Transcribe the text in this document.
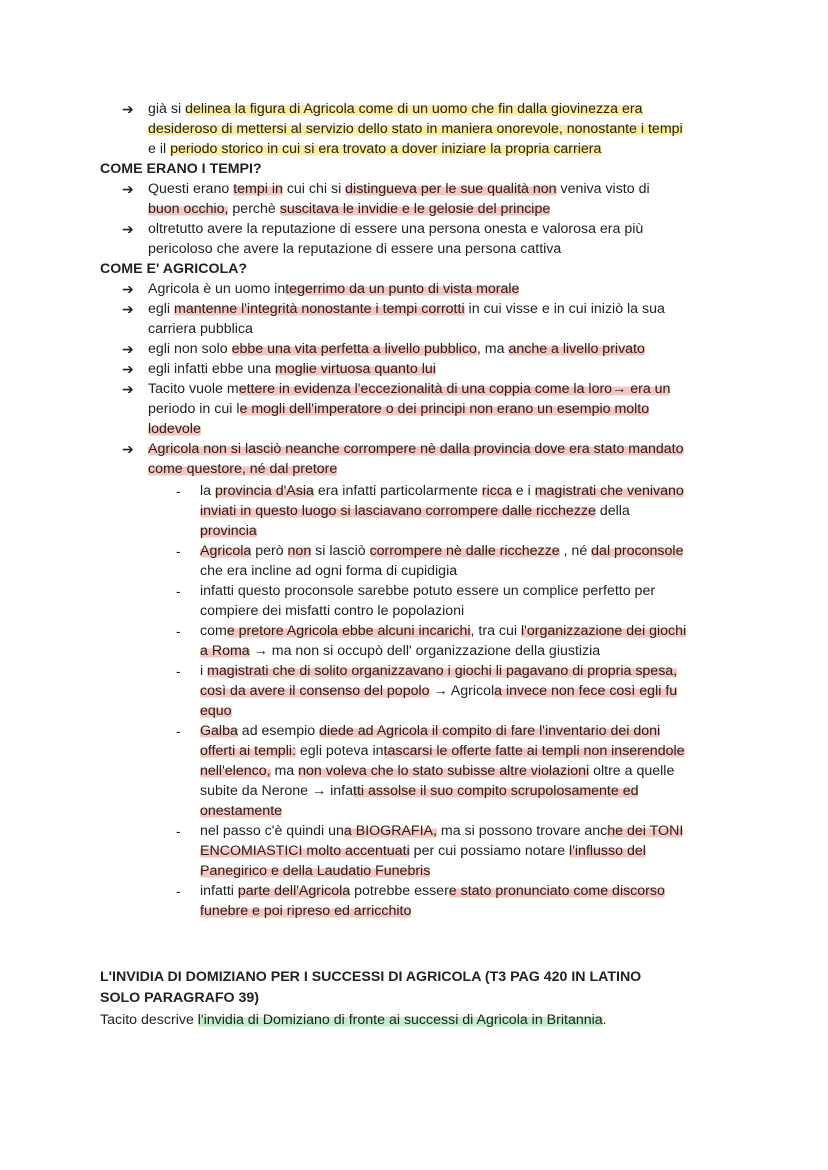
➔ già si delinea la figura di Agricola come di un uomo che fin dalla giovinezza era
desideroso di mettersi al servizio dello stato in maniera onorevole, nonostante i tempi
e il periodo storico in cui si era trovato a dover iniziare la propria carriera
COME ERANO I TEMPI?
➔ Questi erano tempi in cui chi si distingueva per le sue qualità non veniva visto di
buon occhio, perchè suscitava le invidie e le gelosie del principe
➔ oltretutto avere la reputazione di essere una persona onesta e valorosa era più
pericoloso che avere la reputazione di essere una persona cattiva
COME E' AGRICOLA?
➔ Agricola è un uomo integerrimo da un punto di vista morale
➔ egli mantenne l'integrità nonostante i tempi corrotti in cui visse e in cui iniziò la sua
carriera pubblica
➔ egli non solo ebbe una vita perfetta a livello pubblico, ma anche a livello privato
➔ egli infatti ebbe una moglie virtuosa quanto lui
➔ Tacito vuole mettere in evidenza l'eccezionalità di una coppia come la loro→ era un
periodo in cui le mogli dell'imperatore o dei principi non erano un esempio molto
lodevole
➔ Agricola non si lasciò neanche corrompere nè dalla provincia dove era stato mandato
come questore, né dal pretore
- la provincia d'Asia era infatti particolarmente ricca e i magistrati che venivano
inviati in questo luogo si lasciavano corrompere dalle ricchezze della
provincia
- Agricola però non si lasciò corrompere nè dalle ricchezze , né dal proconsole
che era incline ad ogni forma di cupidigia
- infatti questo proconsole sarebbe potuto essere un complice perfetto per
compiere dei misfatti contro le popolazioni
- come pretore Agricola ebbe alcuni incarichi, tra cui l'organizzazione dei giochi
a Roma → ma non si occupò dell' organizzazione della giustizia
- i magistrati che di solito organizzavano i giochi li pagavano di propria spesa,
così da avere il consenso del popolo → Agricola invece non fece così egli fu
equo
- Galba ad esempio diede ad Agricola il compito di fare l'inventario dei doni
offerti ai templi: egli poteva intascarsi le offerte fatte ai templi non inserendole
nell'elenco, ma non voleva che lo stato subisse altre violazioni oltre a quelle
subite da Nerone → infatti assolse il suo compito scrupolosamente ed
onestamente
- nel passo c'è quindi una BIOGRAFIA, ma si possono trovare anche dei TONI
ENCOMIASTICI molto accentuati per cui possiamo notare l'influsso del
Panegirico e della Laudatio Funebris
- infatti parte dell'Agricola potrebbe essere stato pronunciato come discorso
funebre e poi ripreso ed arricchito
L'INVIDIA DI DOMIZIANO PER I SUCCESSI DI AGRICOLA (T3 PAG 420 IN LATINO
SOLO PARAGRAFO 39)
Tacito descrive l'invidia di Domiziano di fronte ai successi di Agricola in Britannia.
